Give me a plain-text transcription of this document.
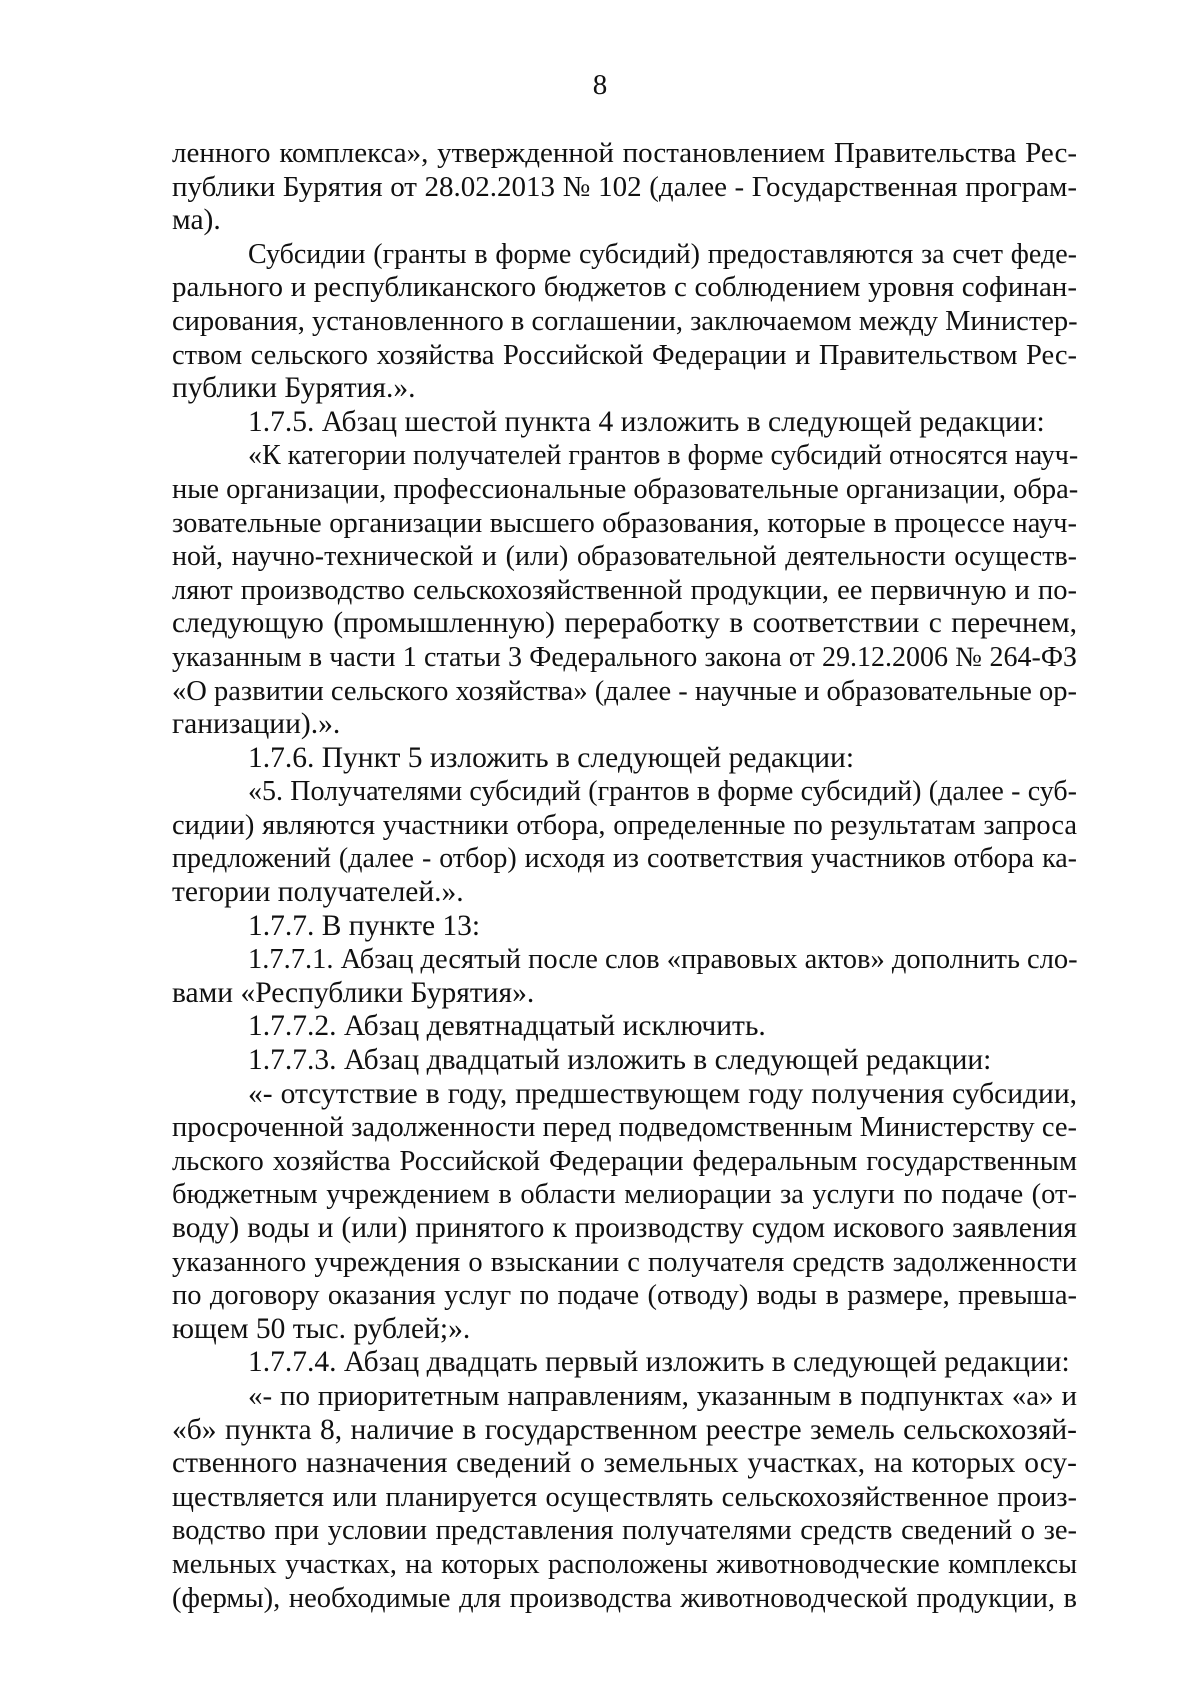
8
ленного комплекса», утвержденной постановлением Правительства Рес-
публики Бурятия от 28.02.2013 № 102 (далее - Государственная програм-
ма).
Субсидии (гранты в форме субсидий) предоставляются за счет феде-
рального и республиканского бюджетов с соблюдением уровня софинан-
сирования, установленного в соглашении, заключаемом между Министер-
ством сельского хозяйства Российской Федерации и Правительством Рес-
публики Бурятия.».
1.7.5. Абзац шестой пункта 4 изложить в следующей редакции:
«К категории получателей грантов в форме субсидий относятся науч-
ные организации, профессиональные образовательные организации, обра-
зовательные организации высшего образования, которые в процессе науч-
ной, научно-технической и (или) образовательной деятельности осуществ-
ляют производство сельскохозяйственной продукции, ее первичную и по-
следующую (промышленную) переработку в соответствии с перечнем,
указанным в части 1 статьи 3 Федерального закона от 29.12.2006 № 264-ФЗ
«О развитии сельского хозяйства» (далее - научные и образовательные ор-
ганизации).».
1.7.6. Пункт 5 изложить в следующей редакции:
«5. Получателями субсидий (грантов в форме субсидий) (далее - суб-
сидии) являются участники отбора, определенные по результатам запроса
предложений (далее - отбор) исходя из соответствия участников отбора ка-
тегории получателей.».
1.7.7. В пункте 13:
1.7.7.1. Абзац десятый после слов «правовых актов» дополнить сло-
вами «Республики Бурятия».
1.7.7.2. Абзац девятнадцатый исключить.
1.7.7.3. Абзац двадцатый изложить в следующей редакции:
«- отсутствие в году, предшествующем году получения субсидии,
просроченной задолженности перед подведомственным Министерству се-
льского хозяйства Российской Федерации федеральным государственным
бюджетным учреждением в области мелиорации за услуги по подаче (от-
воду) воды и (или) принятого к производству судом искового заявления
указанного учреждения о взыскании с получателя средств задолженности
по договору оказания услуг по подаче (отводу) воды в размере, превыша-
ющем 50 тыс. рублей;».
1.7.7.4. Абзац двадцать первый изложить в следующей редакции:
«- по приоритетным направлениям, указанным в подпунктах «а» и
«б» пункта 8, наличие в государственном реестре земель сельскохозяй-
ственного назначения сведений о земельных участках, на которых осу-
ществляется или планируется осуществлять сельскохозяйственное произ-
водство при условии представления получателями средств сведений о зе-
мельных участках, на которых расположены животноводческие комплексы
(фермы), необходимые для производства животноводческой продукции, в
